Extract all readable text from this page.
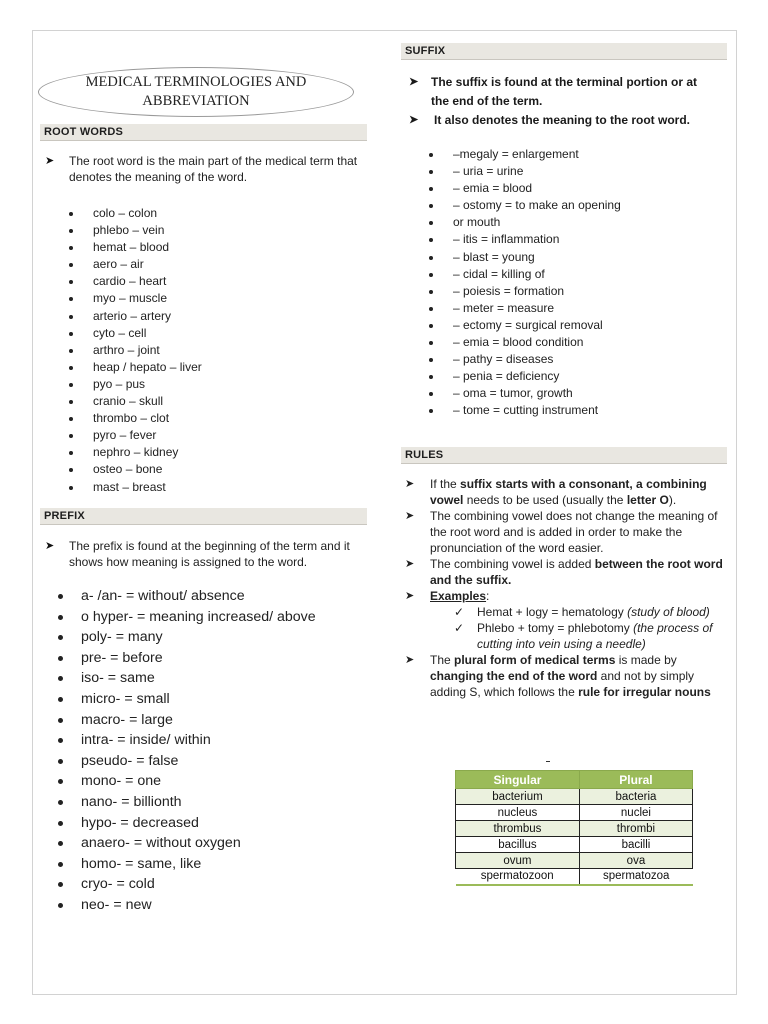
MEDICAL TERMINOLOGIES AND
ABBREVIATION
ROOT WORDS
➤ The root word is the main part of the medical term that denotes the meaning of the word.
colo – colon
phlebo – vein
hemat – blood
aero – air
cardio – heart
myo – muscle
arterio – artery
cyto – cell
arthro – joint
heap / hepato – liver
pyo – pus
cranio – skull
thrombo – clot
pyro – fever
nephro – kidney
osteo – bone
mast – breast
PREFIX
➤ The prefix is found at the beginning of the term and it shows how meaning is assigned to the word.
a- /an- = without/ absence
o hyper- = meaning increased/ above
poly- = many
pre- = before
iso- = same
micro- = small
macro- = large
intra- = inside/ within
pseudo- = false
mono- = one
nano- = billionth
hypo- = decreased
anaero- = without oxygen
homo- = same, like
cryo- = cold
neo- = new
SUFFIX
➤ The suffix is found at the terminal portion or at
the end of the term.
➤ It also denotes the meaning to the root word.
–megaly = enlargement
– uria = urine
– emia = blood
– ostomy = to make an opening
or mouth
– itis = inflammation
– blast = young
– cidal = killing of
– poiesis = formation
– meter = measure
– ectomy = surgical removal
– emia = blood condition
– pathy = diseases
– penia = deficiency
– oma = tumor, growth
– tome = cutting instrument
RULES
➤ If the suffix starts with a consonant, a combining vowel needs to be used (usually the letter O).
➤ The combining vowel does not change the meaning of the root word and is added in order to make the pronunciation of the word easier.
➤ The combining vowel is added between the root word and the suffix.
➤ Examples:
✓ Hemat + logy = hematology (study of blood)
✓ Phlebo + tomy = phlebotomy (the process of cutting into vein using a needle)
➤ The plural form of medical terms is made by changing the end of the word and not by simply adding S, which follows the rule for irregular nouns
Singular	Plural
bacterium	bacteria
nucleus	nuclei
thrombus	thrombi
bacillus	bacilli
ovum	ova
spermatozoon	spermatozoa
